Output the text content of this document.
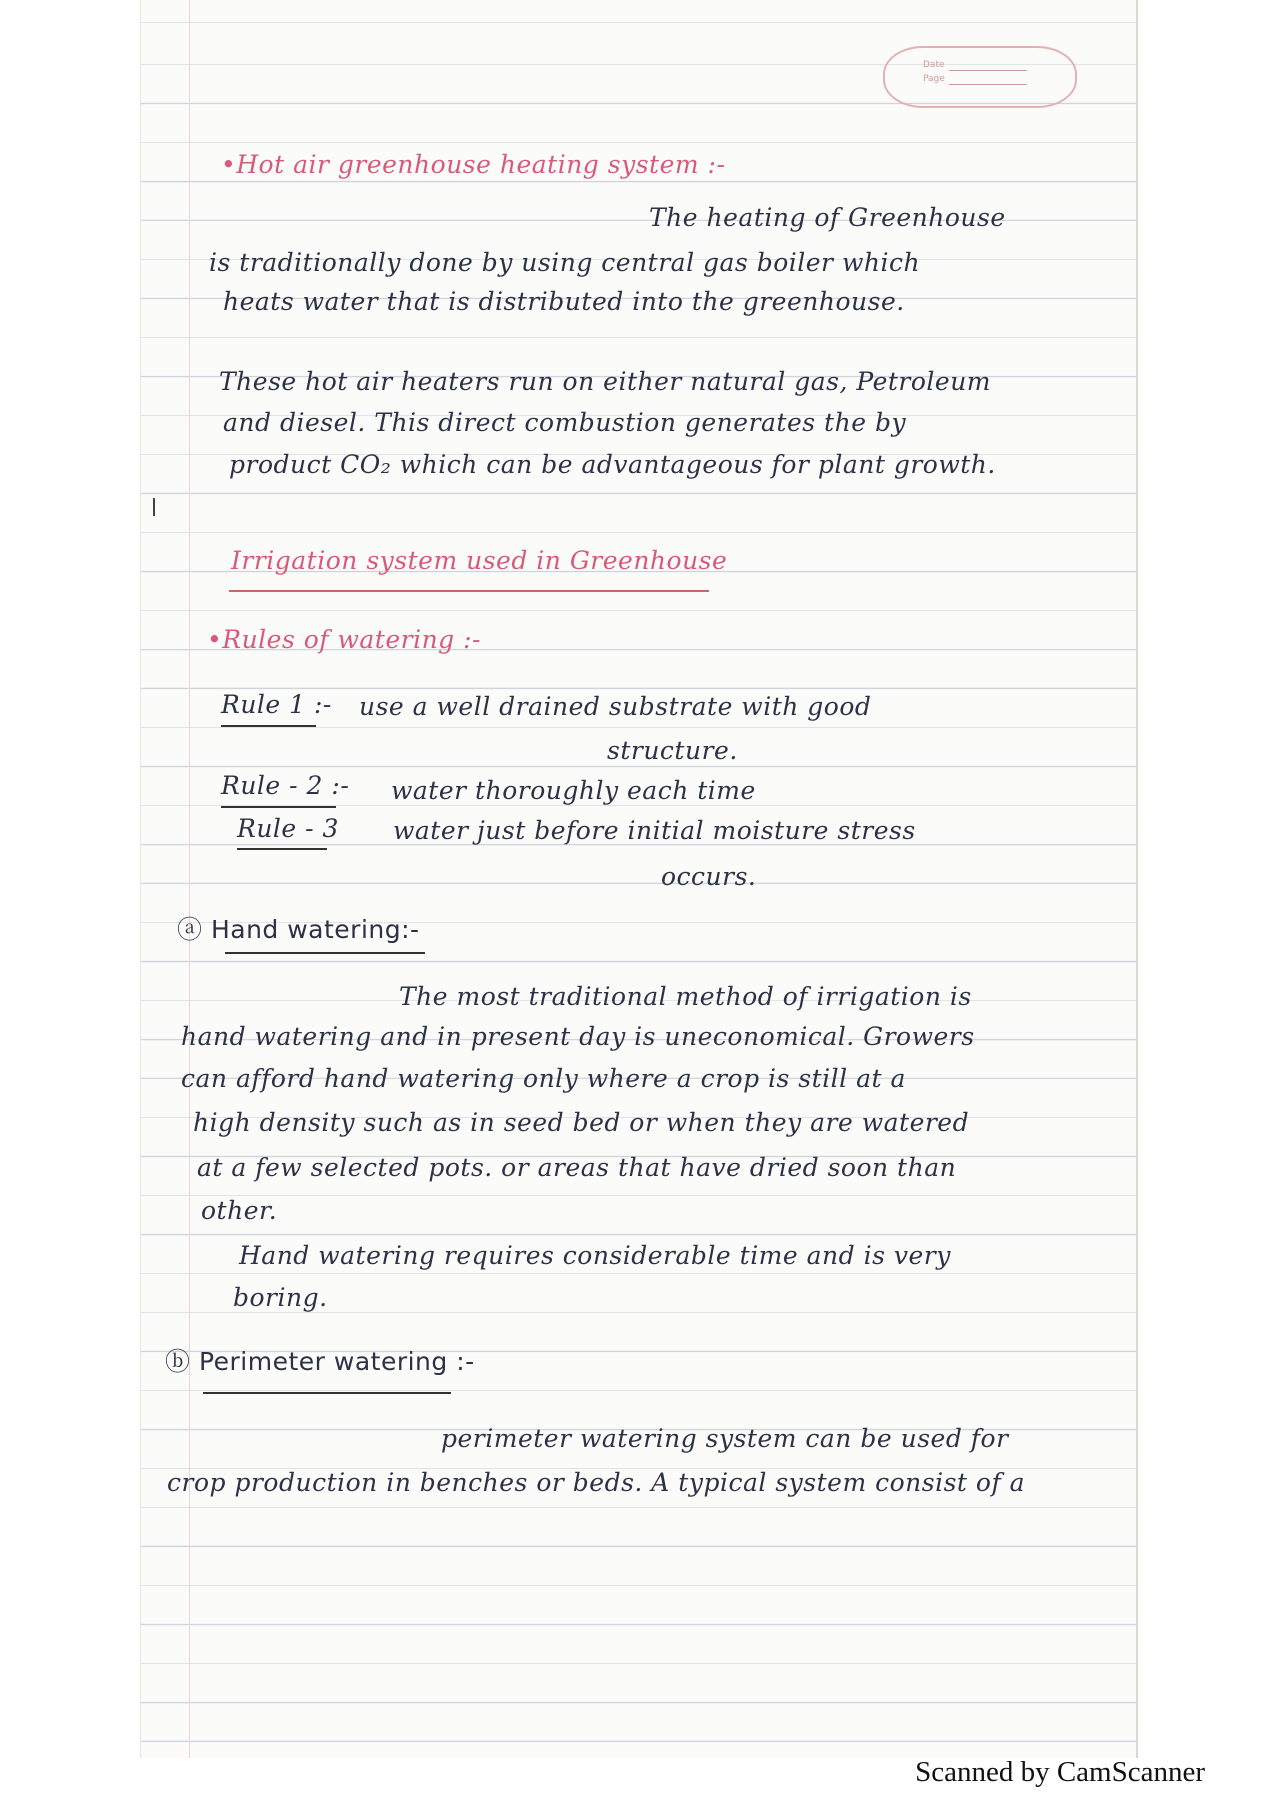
Date
Page
•Hot air greenhouse heating system :-
The heating of Greenhouse
is traditionally done by using central gas boiler which
heats water that is distributed into the greenhouse.
These hot air heaters run on either natural gas, Petroleum
and diesel. This direct combustion generates the by
product CO₂ which can be advantageous for plant growth.
Irrigation system used in Greenhouse
•Rules of watering :-
Rule 1 :- use a well drained substrate with good
structure.
Rule - 2 :- water thoroughly each time
Rule - 3 water just before initial moisture stress
occurs.
ⓐ Hand watering:-
The most traditional method of irrigation is
hand watering and in present day is uneconomical. Growers
can afford hand watering only where a crop is still at a
high density such as in seed bed or when they are watered
at a few selected pots. or areas that have dried soon than
other.
Hand watering requires considerable time and is very
boring.
ⓑ Perimeter watering :-
perimeter watering system can be used for
crop production in benches or beds. A typical system consist of a
Scanned by CamScanner
